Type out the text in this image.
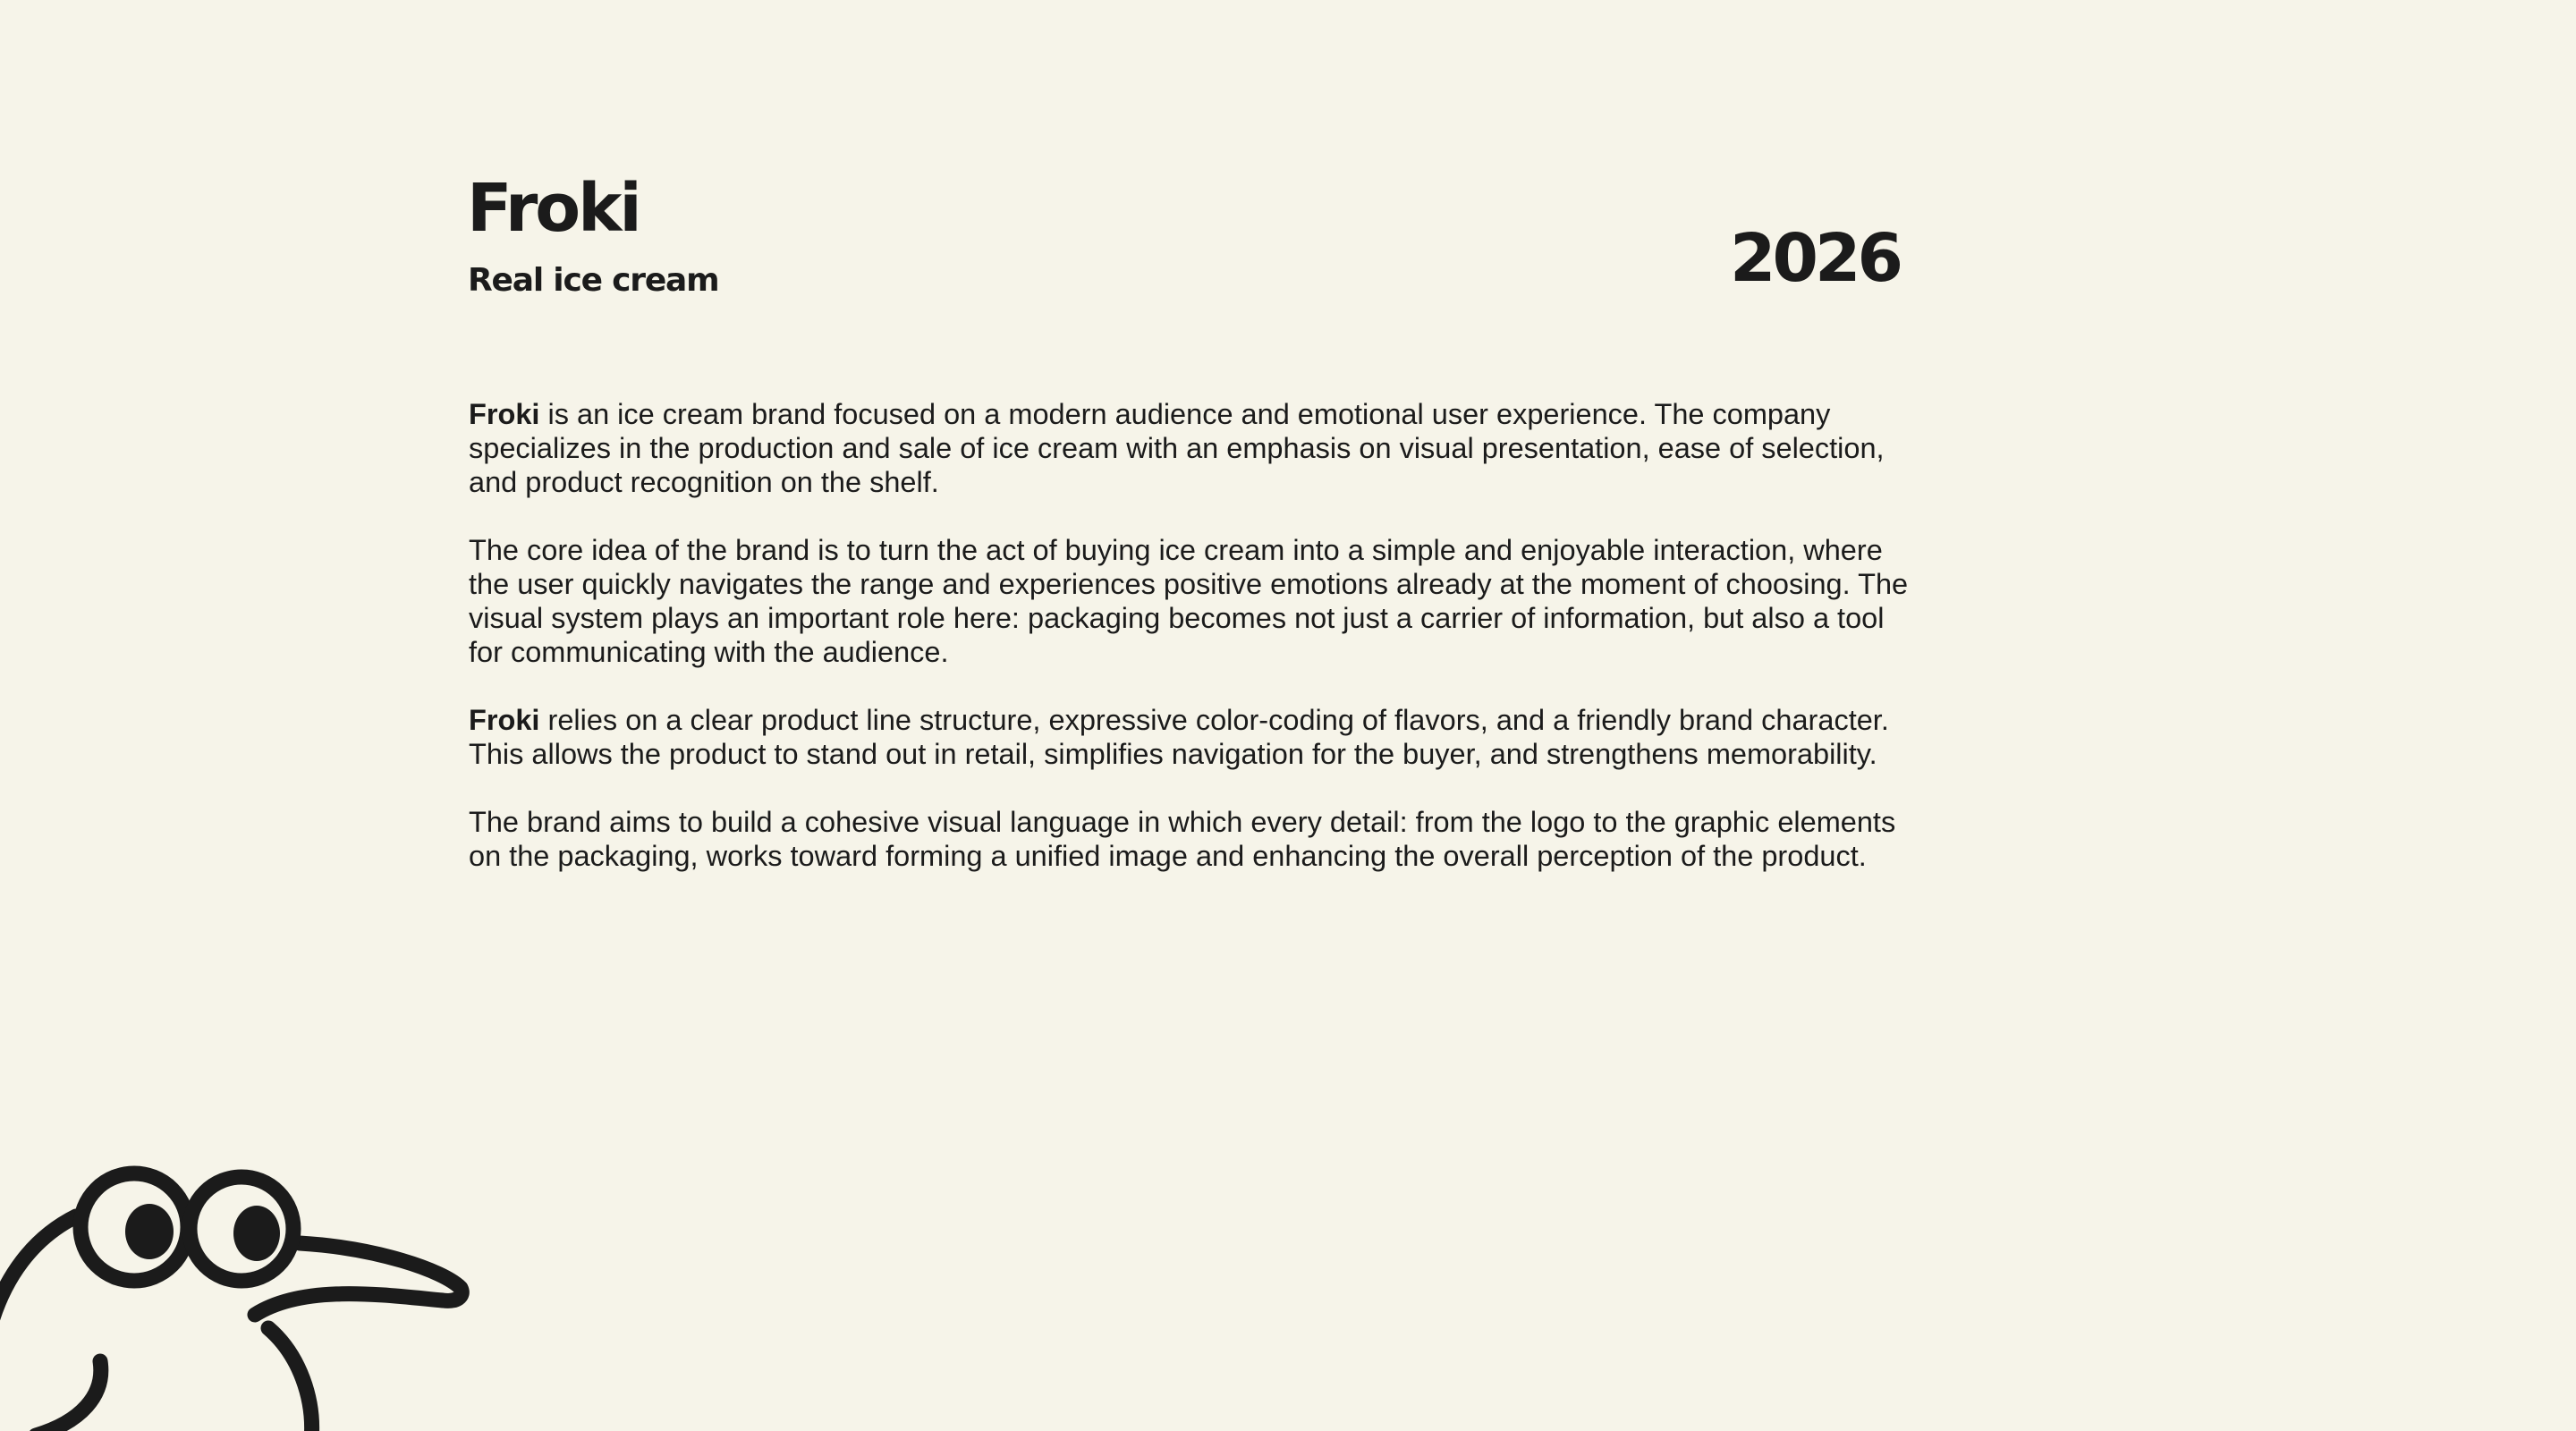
Froki
Real ice cream	2026

Froki is an ice cream brand focused on a modern audience and emotional user experience. The company specializes in the production and sale of ice cream with an emphasis on visual presentation, ease of selection, and product recognition on the shelf.

The core idea of the brand is to turn the act of buying ice cream into a simple and enjoyable interaction, where the user quickly navigates the range and experiences positive emotions already at the moment of choosing. The visual system plays an important role here: packaging becomes not just a carrier of information, but also a tool for communicating with the audience.

Froki relies on a clear product line structure, expressive color-coding of flavors, and a friendly brand character. This allows the product to stand out in retail, simplifies navigation for the buyer, and strengthens memorability.

The brand aims to build a cohesive visual language in which every detail: from the logo to the graphic elements on the packaging, works toward forming a unified image and enhancing the overall perception of the product.
